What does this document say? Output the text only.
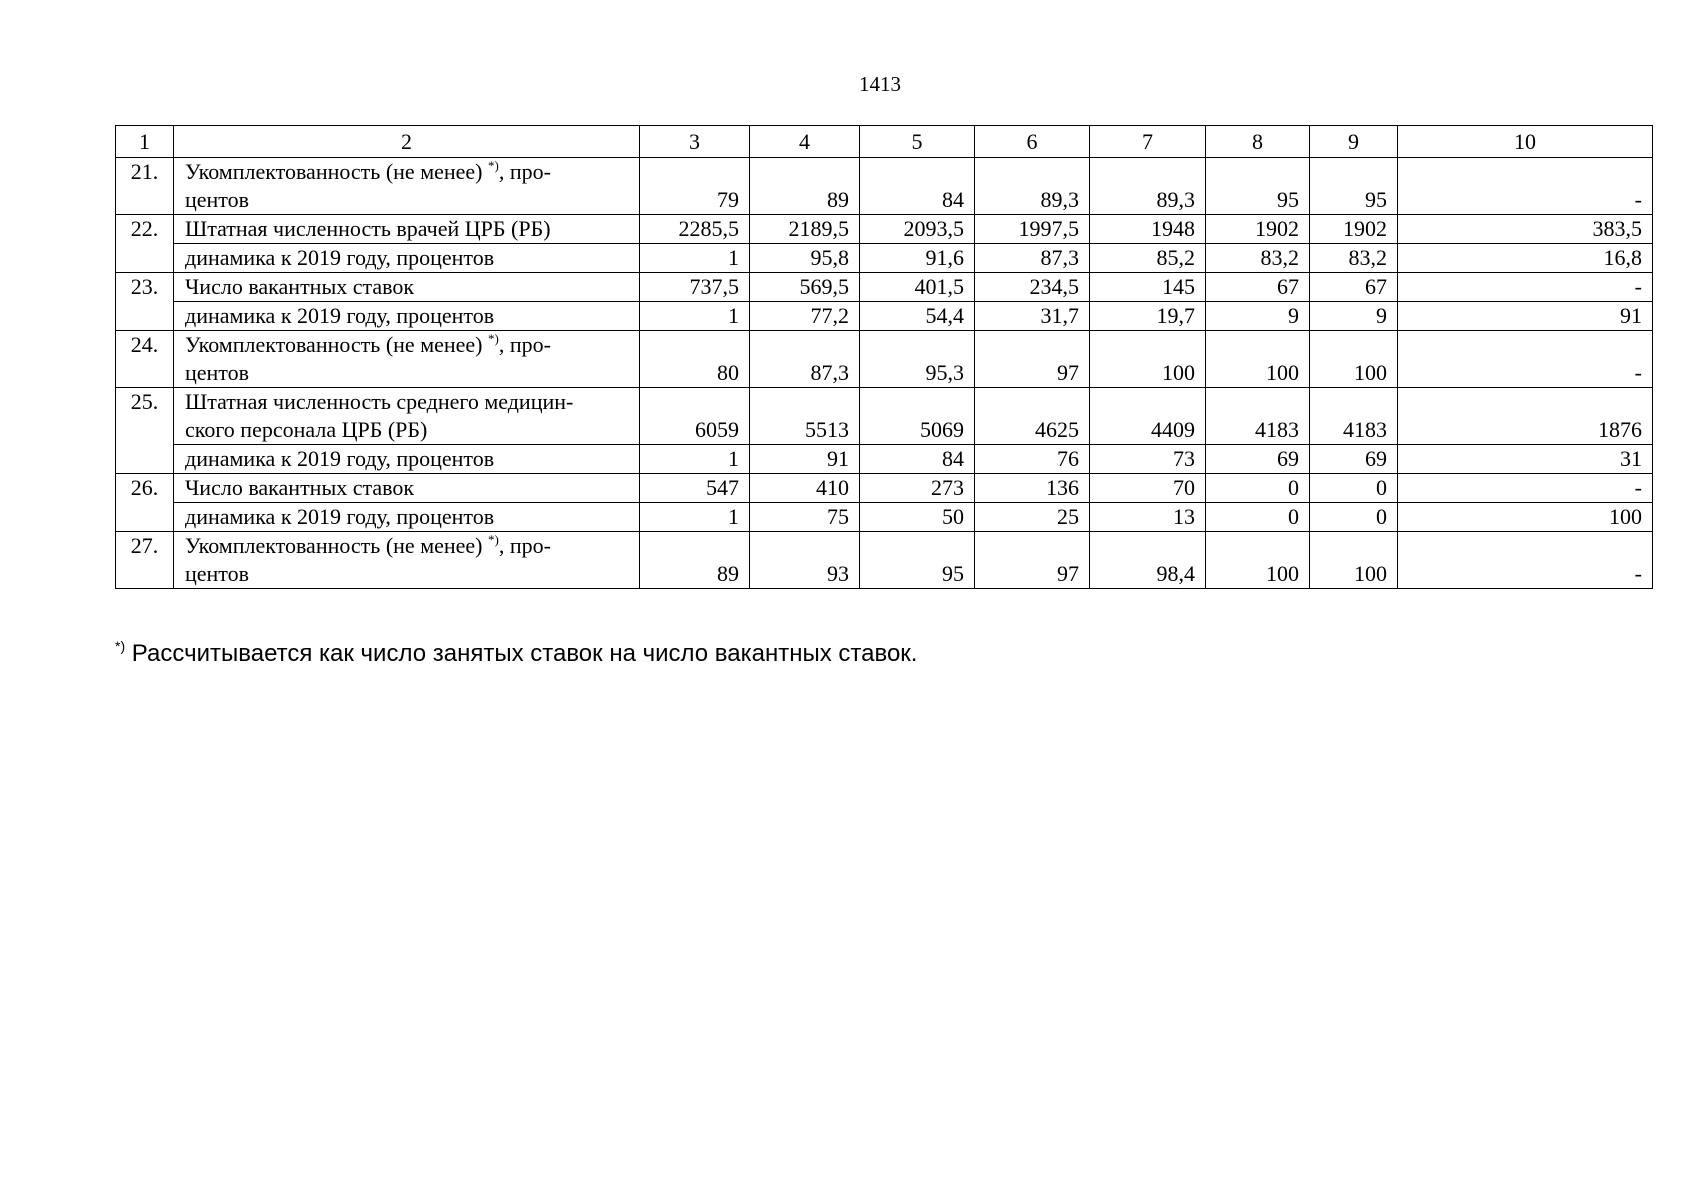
1413
1	2	3	4	5	6	7	8	9	10
21.	Укомплектованность (не менее) *), про-
центов	79	89	84	89,3	89,3	95	95	-
22.	Штатная численность врачей ЦРБ (РБ)	2285,5	2189,5	2093,5	1997,5	1948	1902	1902	383,5
	динамика к 2019 году, процентов	1	95,8	91,6	87,3	85,2	83,2	83,2	16,8
23.	Число вакантных ставок	737,5	569,5	401,5	234,5	145	67	67	-
	динамика к 2019 году, процентов	1	77,2	54,4	31,7	19,7	9	9	91
24.	Укомплектованность (не менее) *), про-
центов	80	87,3	95,3	97	100	100	100	-
25.	Штатная численность среднего медицин-
ского персонала ЦРБ (РБ)	6059	5513	5069	4625	4409	4183	4183	1876
	динамика к 2019 году, процентов	1	91	84	76	73	69	69	31
26.	Число вакантных ставок	547	410	273	136	70	0	0	-
	динамика к 2019 году, процентов	1	75	50	25	13	0	0	100
27.	Укомплектованность (не менее) *), про-
центов	89	93	95	97	98,4	100	100	-
*) Рассчитывается как число занятых ставок на число вакантных ставок.
